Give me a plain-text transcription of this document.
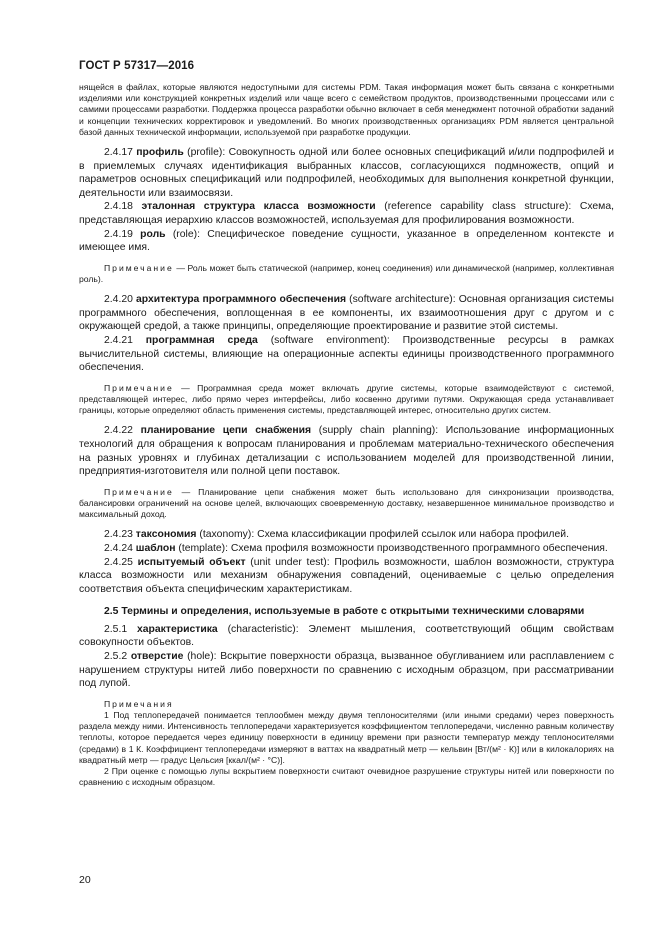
ГОСТ Р 57317—2016

нящейся в файлах, которые являются недоступными для системы PDM. Такая информация может быть связана с конкретными изделиями или конструкцией конкретных изделий или чаще всего с семейством продуктов, производственными процессами или с самими процессами разработки. Поддержка процесса разработки обычно включает в себя менеджмент поточной обработки заданий и концепции технических корректировок и уведомлений. Во многих производственных организациях PDM является центральной базой данных технической информации, используемой при разработке продукции.

2.4.17 профиль (profile): Совокупность одной или более основных спецификаций и/или подпрофилей и в приемлемых случаях идентификация выбранных классов, согласующихся подмножеств, опций и параметров основных спецификаций или подпрофилей, необходимых для выполнения конкретной функции, деятельности или взаимосвязи.

2.4.18 эталонная структура класса возможности (reference capability class structure): Схема, представляющая иерархию классов возможностей, используемая для профилирования возможности.

2.4.19 роль (role): Специфическое поведение сущности, указанное в определенном контексте и имеющее имя.

Примечание — Роль может быть статической (например, конец соединения) или динамической (например, коллективная роль).

2.4.20 архитектура программного обеспечения (software architecture): Основная организация системы программного обеспечения, воплощенная в ее компоненты, их взаимоотношения друг с другом и с окружающей средой, а также принципы, определяющие проектирование и развитие этой системы.

2.4.21 программная среда (software environment): Производственные ресурсы в рамках вычислительной системы, влияющие на операционные аспекты единицы производственного программного обеспечения.

Примечание — Программная среда может включать другие системы, которые взаимодействуют с системой, представляющей интерес, либо прямо через интерфейсы, либо косвенно другими путями. Окружающая среда устанавливает границы, которые определяют область применения системы, представляющей интерес, относительно других систем.

2.4.22 планирование цепи снабжения (supply chain planning): Использование информационных технологий для обращения к вопросам планирования и проблемам материально-технического обеспечения на разных уровнях и глубинах детализации с использованием моделей для производственной линии, предприятия-изготовителя или полной цепи поставок.

Примечание — Планирование цепи снабжения может быть использовано для синхронизации производства, балансировки ограничений на основе целей, включающих своевременную доставку, незавершенное минимальное производство и максимальный доход.

2.4.23 таксономия (taxonomy): Схема классификации профилей ссылок или набора профилей.

2.4.24 шаблон (template): Схема профиля возможности производственного программного обеспечения.

2.4.25 испытуемый объект (unit under test): Профиль возможности, шаблон возможности, структура класса возможности или механизм обнаружения совпадений, оцениваемые с целью определения соответствия объекта специфическим характеристикам.

2.5 Термины и определения, используемые в работе с открытыми техническими словарями

2.5.1 характеристика (characteristic): Элемент мышления, соответствующий общим свойствам совокупности объектов.

2.5.2 отверстие (hole): Вскрытие поверхности образца, вызванное обугливанием или расплавлением с нарушением структуры нитей либо поверхности по сравнению с исходным образцом, при рассматривании под лупой.

Примечания

1 Под теплопередачей понимается теплообмен между двумя теплоносителями (или иными средами) через поверхность раздела между ними. Интенсивность теплопередачи характеризуется коэффициентом теплопередачи, численно равным количеству теплоты, которое передается через единицу поверхности в единицу времени при разности температур между теплоносителями (средами) в 1 К. Коэффициент теплопередачи измеряют в ваттах на квадратный метр — кельвин [Вт/(м² · К)] или в килокалориях на квадратный метр — градус Цельсия [ккал/(м² · °С)].

2 При оценке с помощью лупы вскрытием поверхности считают очевидное разрушение структуры нитей или поверхности по сравнению с исходным образцом.

20
